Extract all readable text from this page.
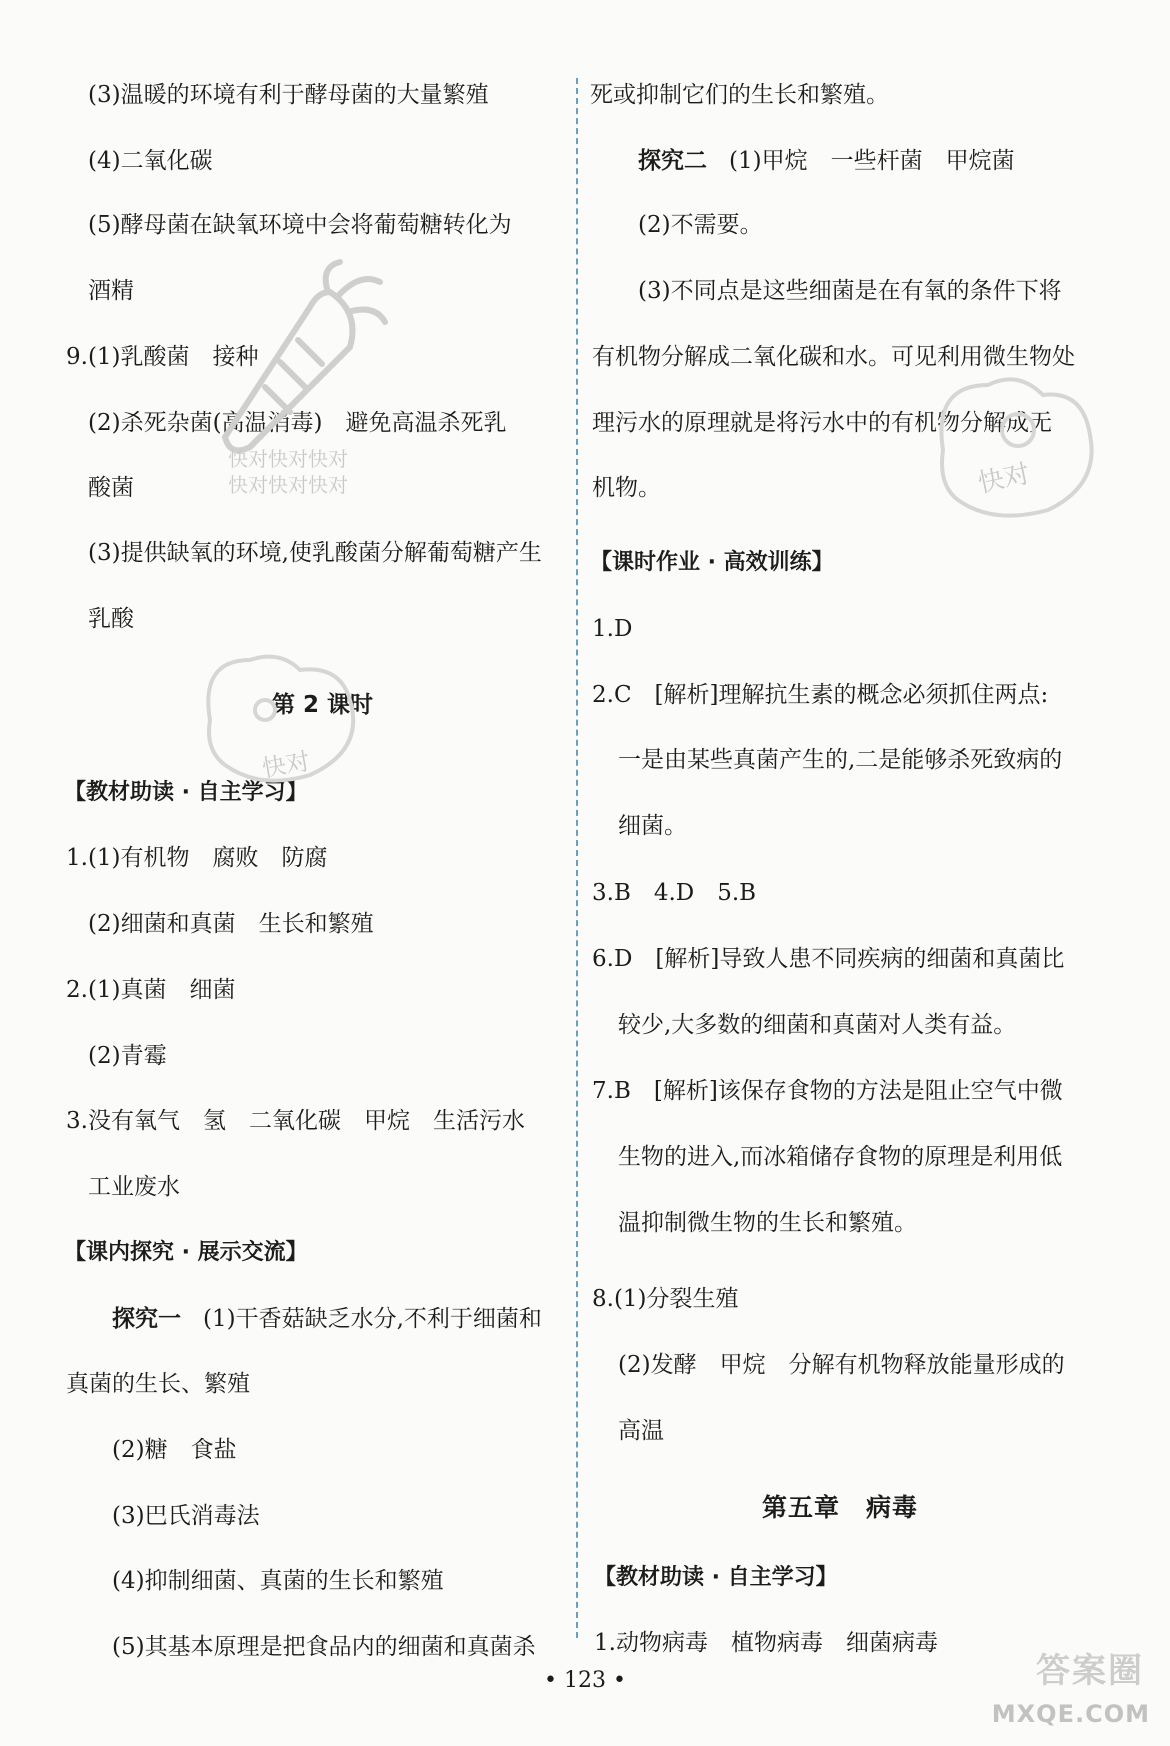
(3)温暖的环境有利于酵母菌的大量繁殖
(4)二氧化碳
(5)酵母菌在缺氧环境中会将葡萄糖转化为
酒精
9.(1)乳酸菌　接种
(2)杀死杂菌(高温消毒)　避免高温杀死乳
酸菌
(3)提供缺氧的环境,使乳酸菌分解葡萄糖产生
乳酸
第 2 课时
【教材助读 · 自主学习】
1.(1)有机物　腐败　防腐
(2)细菌和真菌　生长和繁殖
2.(1)真菌　细菌
(2)青霉
3.没有氧气　氢　二氧化碳　甲烷　生活污水
工业废水
【课内探究 · 展示交流】
探究一 (1)干香菇缺乏水分,不利于细菌和
真菌的生长、繁殖
(2)糖　食盐
(3)巴氏消毒法
(4)抑制细菌、真菌的生长和繁殖
(5)其基本原理是把食品内的细菌和真菌杀
死或抑制它们的生长和繁殖。
探究二 (1)甲烷　一些杆菌　甲烷菌
(2)不需要。
(3)不同点是这些细菌是在有氧的条件下将
有机物分解成二氧化碳和水。可见利用微生物处
理污水的原理就是将污水中的有机物分解成无
机物。
【课时作业 · 高效训练】
1.D
2.C　[解析]理解抗生素的概念必须抓住两点:
一是由某些真菌产生的,二是能够杀死致病的
细菌。
3.B　4.D　5.B
6.D　[解析]导致人患不同疾病的细菌和真菌比
较少,大多数的细菌和真菌对人类有益。
7.B　[解析]该保存食物的方法是阻止空气中微
生物的进入,而冰箱储存食物的原理是利用低
温抑制微生物的生长和繁殖。
8.(1)分裂生殖
(2)发酵　甲烷　分解有机物释放能量形成的
高温
第五章　病毒
【教材助读 · 自主学习】
1.动物病毒　植物病毒　细菌病毒
• 123 •
快对快对快对
快对快对快对
快对
快对
答案圈
MXQE.COM
